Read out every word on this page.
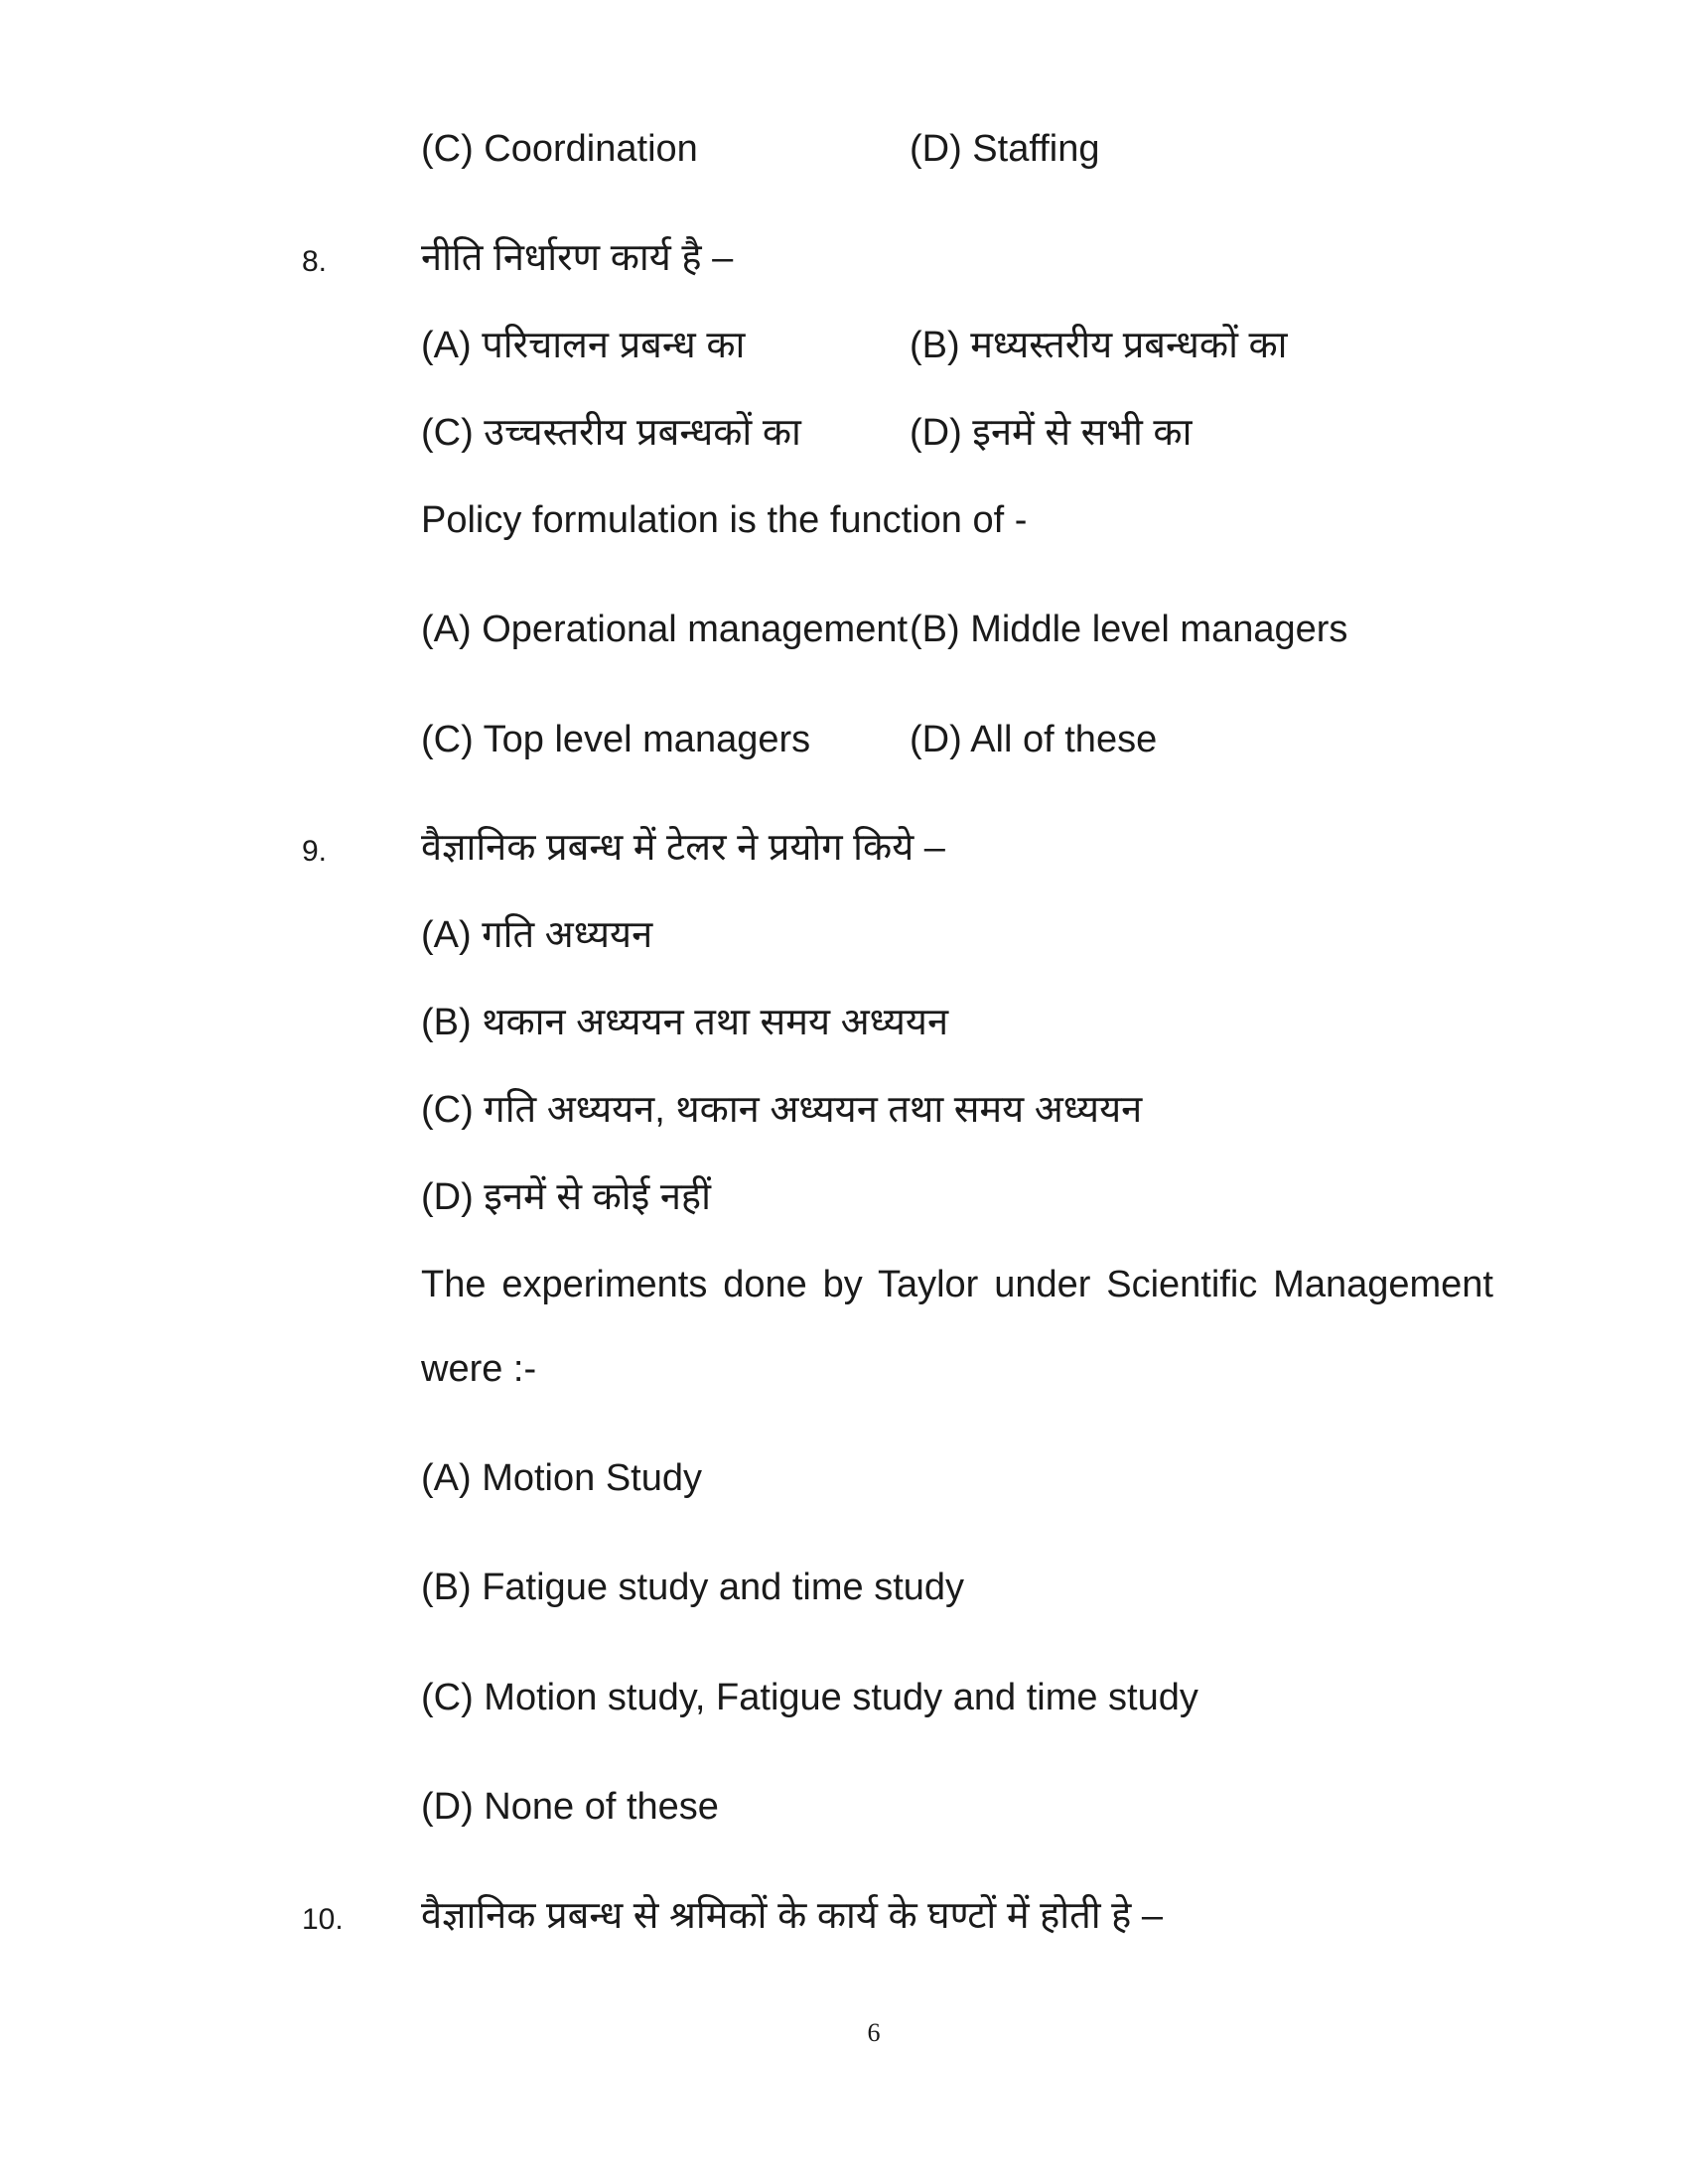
(C) Coordination	(D) Staffing
8. नीति निर्धारण कार्य है –
(A) परिचालन प्रबन्ध का	(B) मध्यस्तरीय प्रबन्धकों का
(C) उच्चस्तरीय प्रबन्धकों का	(D) इनमें से सभी का
Policy formulation is the function of -
(A) Operational management (B) Middle level managers
(C) Top level managers	(D) All of these
9. वैज्ञानिक प्रबन्ध में टेलर ने प्रयोग किये –
(A) गति अध्ययन
(B) थकान अध्ययन तथा समय अध्ययन
(C) गति अध्ययन, थकान अध्ययन तथा समय अध्ययन
(D) इनमें से कोई नहीं
The experiments done by Taylor under Scientific Management
were :-
(A) Motion Study
(B) Fatigue study and time study
(C) Motion study, Fatigue study and time study
(D) None of these
10. वैज्ञानिक प्रबन्ध से श्रमिकों के कार्य के घण्टों में होती हे –
6
